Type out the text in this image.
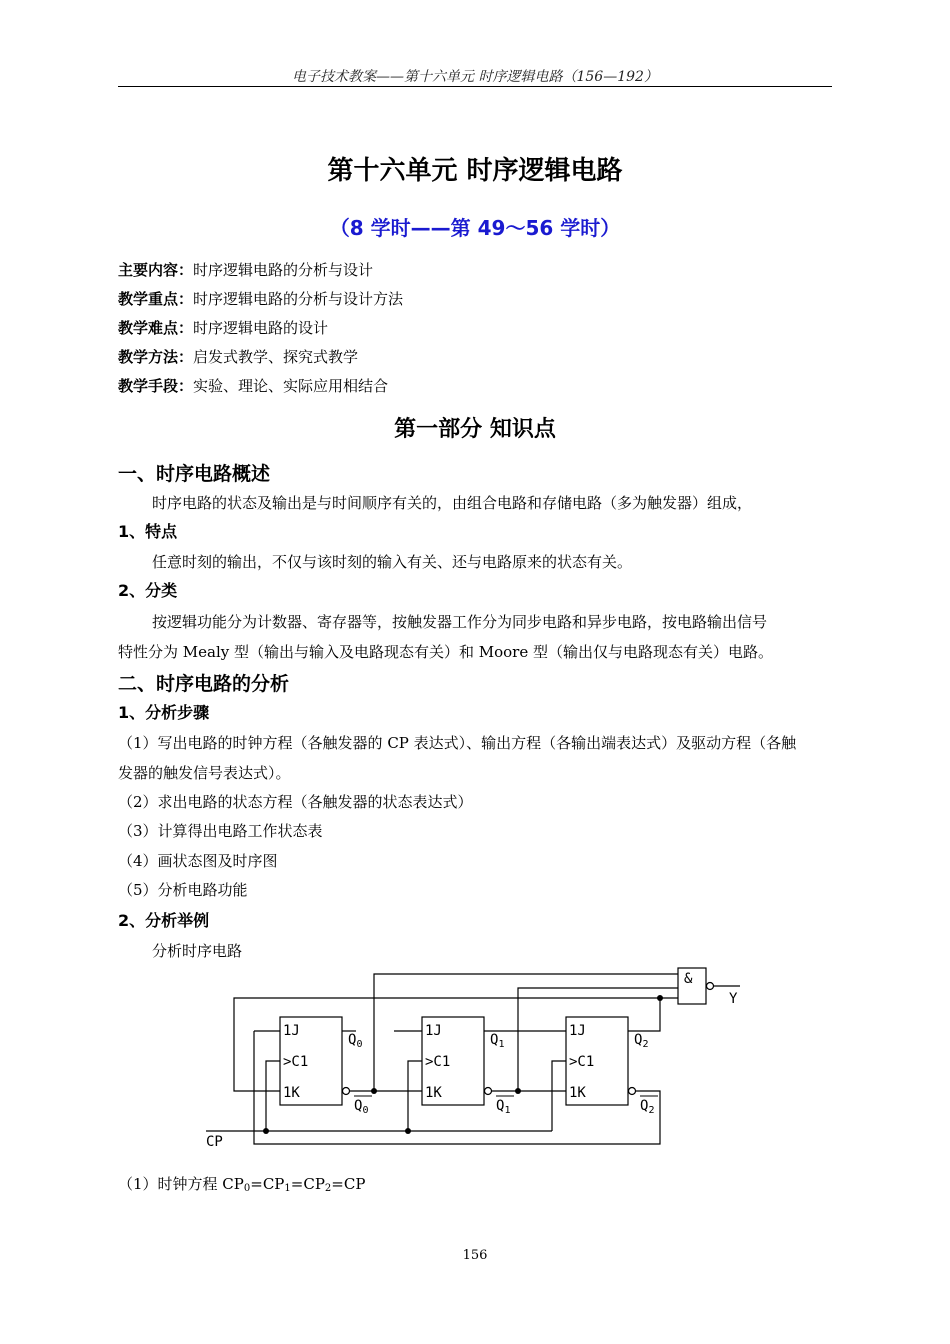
电子技术教案——第十六单元 时序逻辑电路（156—192）
第十六单元 时序逻辑电路
（8 学时——第 49～56 学时）
主要内容：时序逻辑电路的分析与设计
教学重点：时序逻辑电路的分析与设计方法
教学难点：时序逻辑电路的设计
教学方法：启发式教学、探究式教学
教学手段：实验、理论、实际应用相结合
第一部分 知识点
一、时序电路概述
时序电路的状态及输出是与时间顺序有关的，由组合电路和存储电路（多为触发器）组成，
1、特点
任意时刻的输出，不仅与该时刻的输入有关、还与电路原来的状态有关。
2、分类
按逻辑功能分为计数器、寄存器等，按触发器工作分为同步电路和异步电路，按电路输出信号
特性分为 Mealy 型（输出与输入及电路现态有关）和 Moore 型（输出仅与电路现态有关）电路。
二、时序电路的分析
1、分析步骤
（1）写出电路的时钟方程（各触发器的 CP 表达式）、输出方程（各输出端表达式）及驱动方程（各触
发器的触发信号表达式）。
（2）求出电路的状态方程（各触发器的状态表达式）
（3）计算得出电路工作状态表
（4）画状态图及时序图
（5）分析电路功能
2、分析举例
分析时序电路
1J
>C1
1K
1J
>C1
1K
1J
>C1
1K
$Q_0$	$Q_1$	$Q_2$
$Q_0$	$Q_1$	$Q_2$
&
Y
CP
（1）时钟方程 $CP_0=CP_1=CP_2=CP$
156
